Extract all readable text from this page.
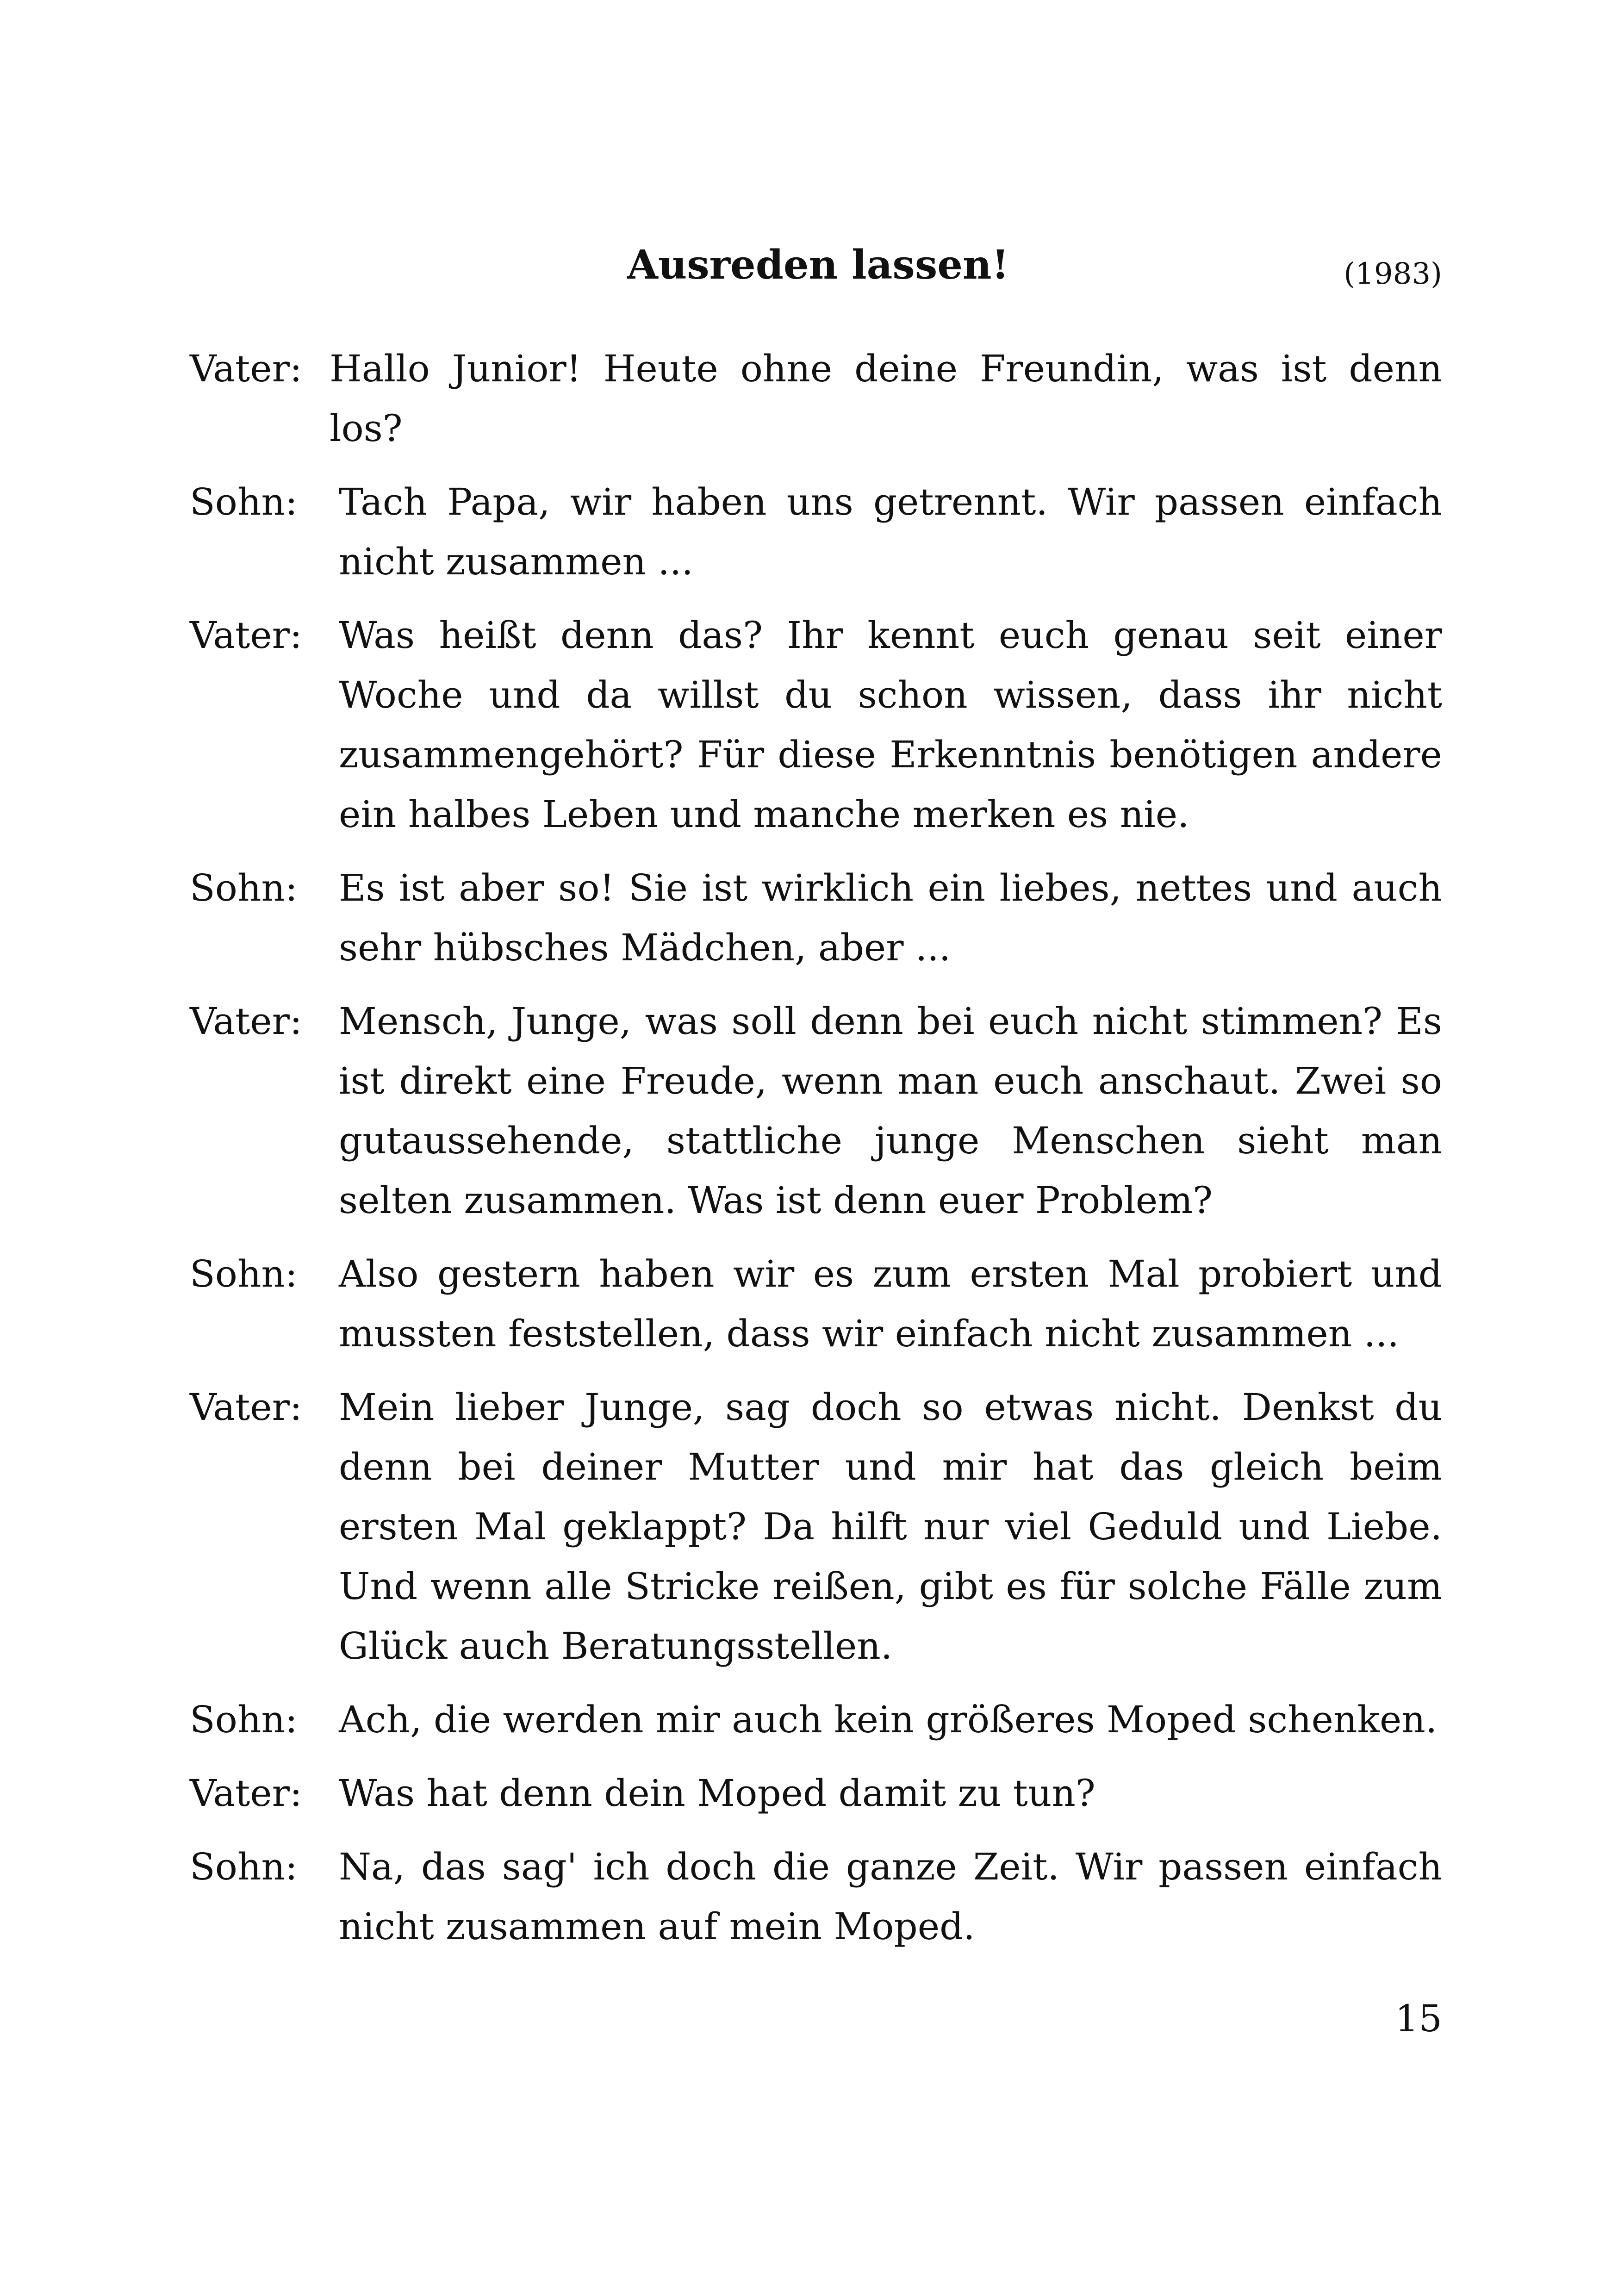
Ausreden lassen!	(1983)
Vater: Hallo Junior! Heute ohne deine Freundin, was ist denn los?
Sohn:	Tach Papa, wir haben uns getrennt. Wir passen einfach nicht zusammen ...
Vater: Was heißt denn das? Ihr kennt euch genau seit einer Woche und da willst du schon wissen, dass ihr nicht zusammengehört? Für diese Erkenntnis benötigen andere ein halbes Leben und manche merken es nie.
Sohn:	Es ist aber so! Sie ist wirklich ein liebes, nettes und auch sehr hübsches Mädchen, aber ...
Vater: Mensch, Junge, was soll denn bei euch nicht stimmen? Es ist direkt eine Freude, wenn man euch anschaut. Zwei so gutaussehende, stattliche junge Menschen sieht man selten zusammen. Was ist denn euer Problem?
Sohn:	Also gestern haben wir es zum ersten Mal probiert und mussten feststellen, dass wir einfach nicht zusammen ...
Vater: Mein lieber Junge, sag doch so etwas nicht. Denkst du denn bei deiner Mutter und mir hat das gleich beim ersten Mal geklappt? Da hilft nur viel Geduld und Liebe. Und wenn alle Stricke reißen, gibt es für solche Fälle zum Glück auch Beratungsstellen.
Sohn:	Ach, die werden mir auch kein größeres Moped schenken.
Vater: Was hat denn dein Moped damit zu tun?
Sohn:	Na, das sag' ich doch die ganze Zeit. Wir passen einfach nicht zusammen auf mein Moped.
15
